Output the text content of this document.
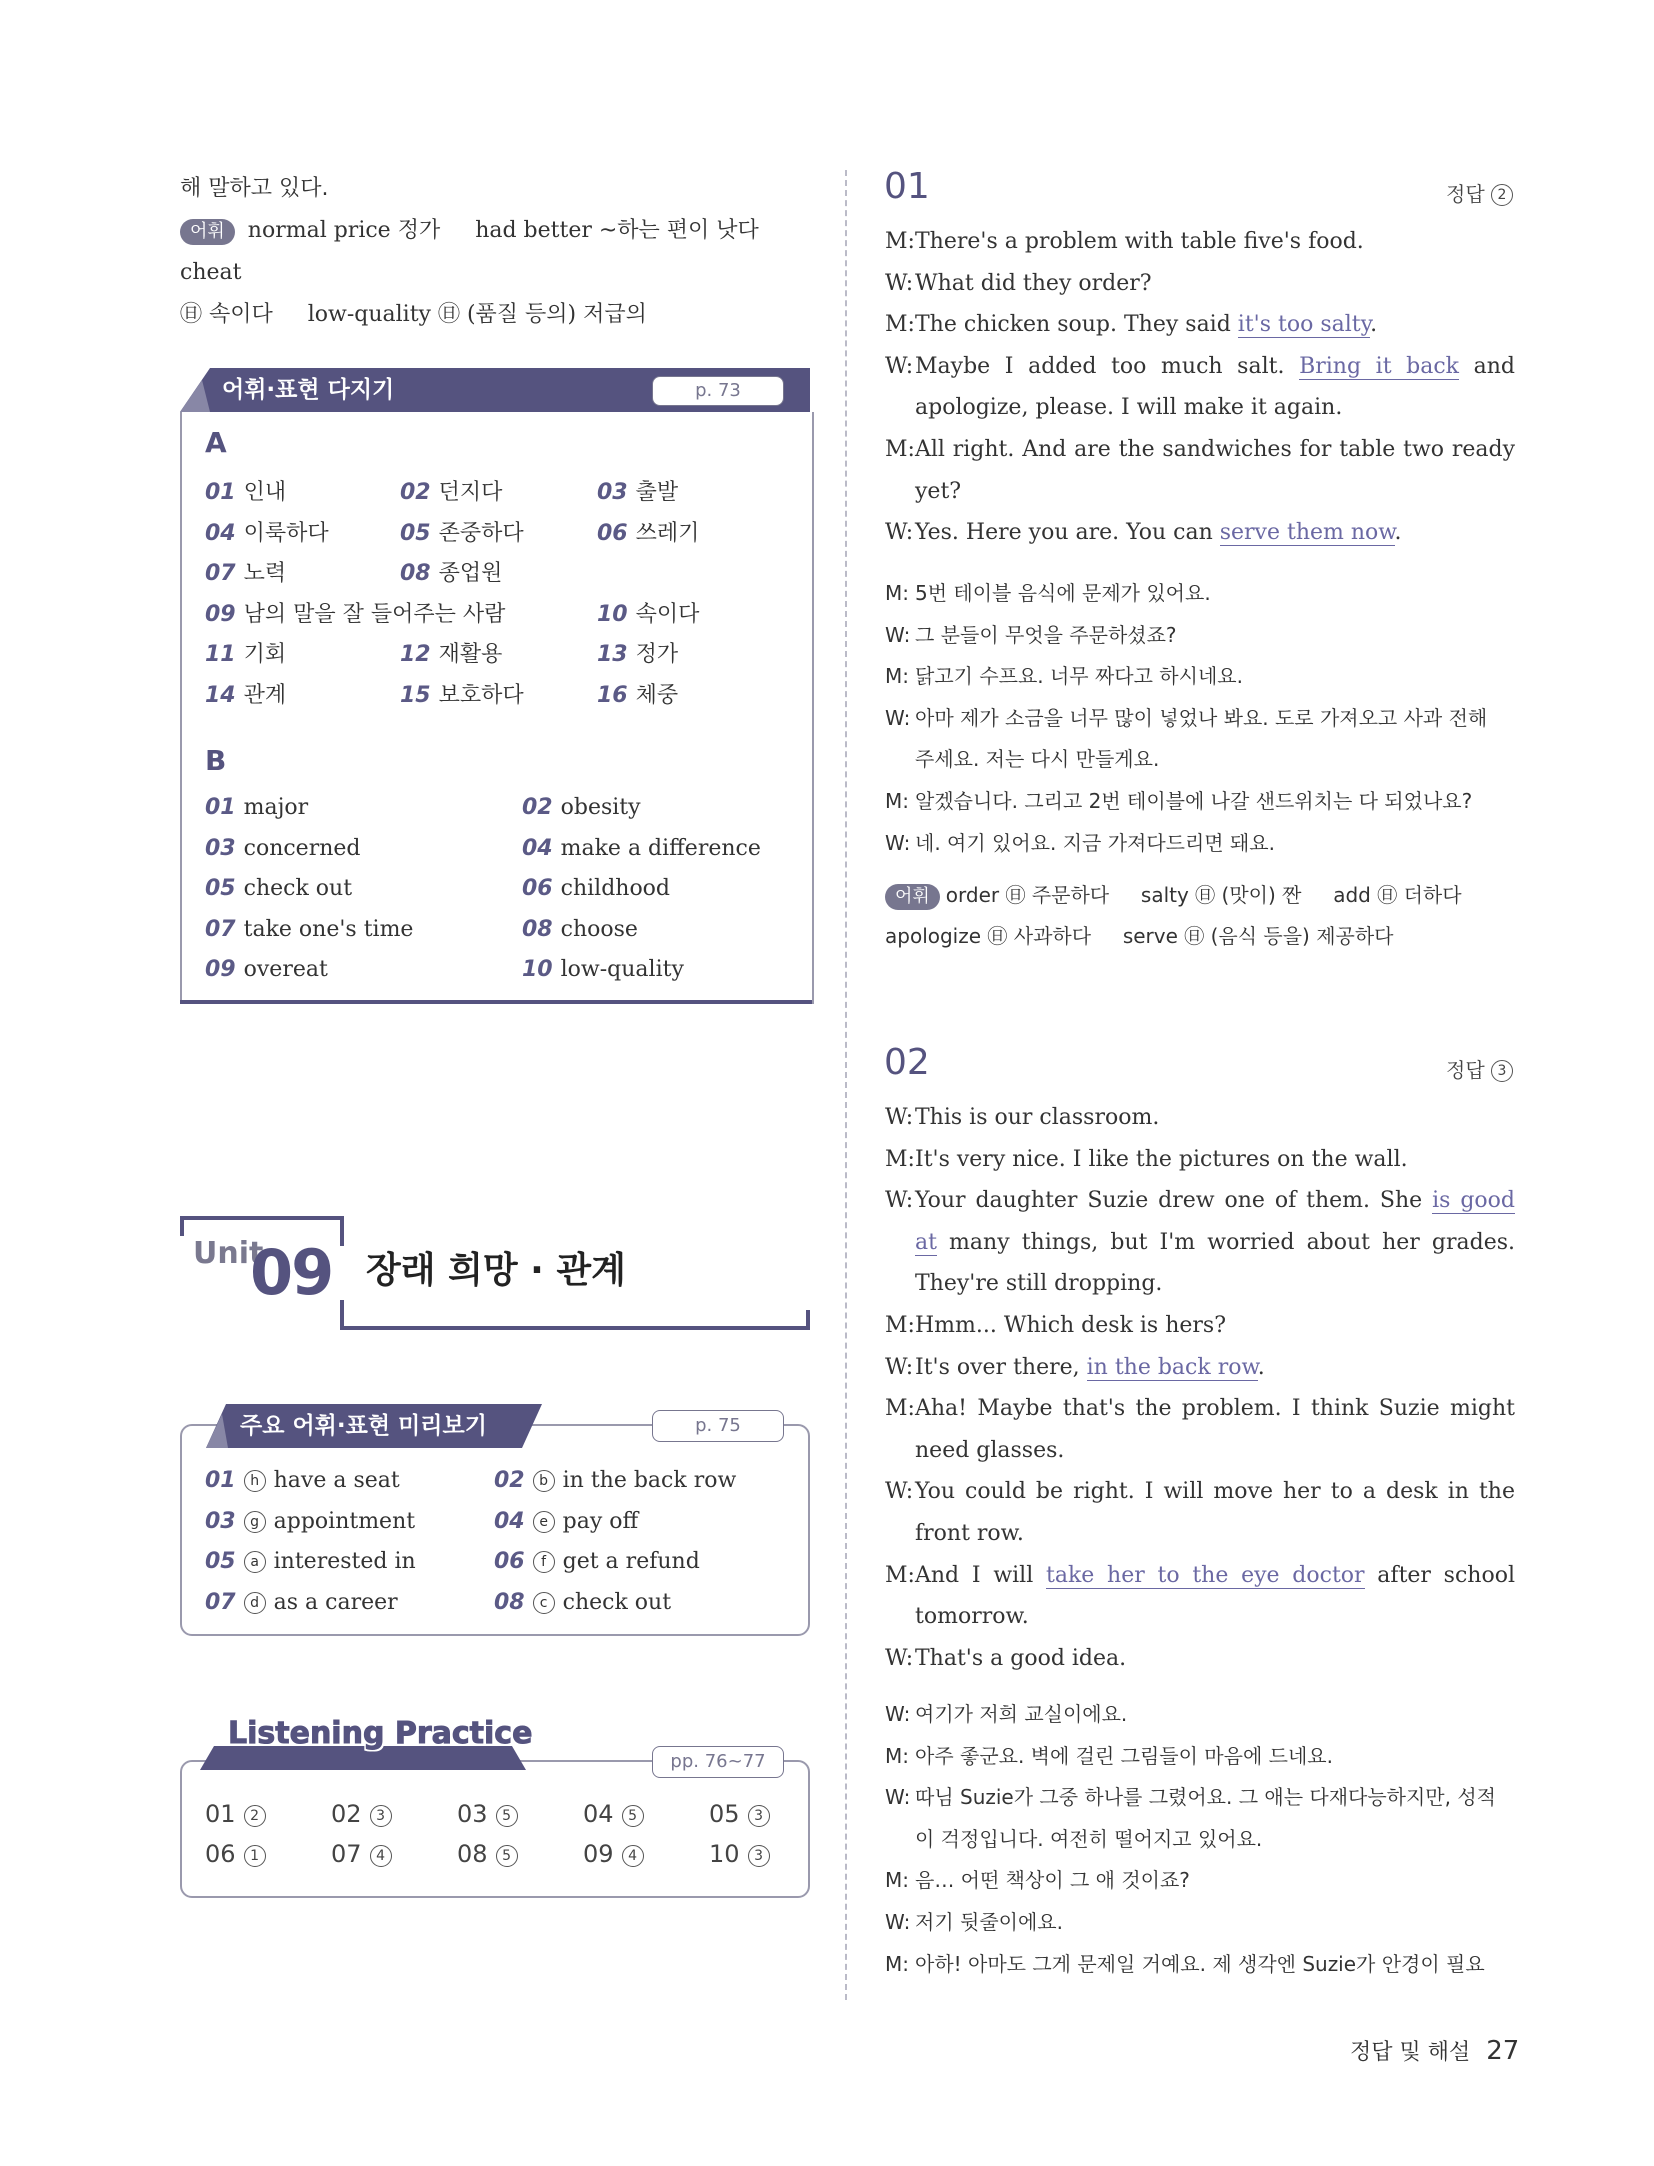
해 말하고 있다.
어휘 normal price 정가 had better ~하는 편이 낫다     cheat
㊐ 속이다 low-quality ㊐ (품질 등의) 저급의
어휘·표현 다지기	p. 73
A
01 인내	02 던지다	03 출발
04 이룩하다	05 존중하다	06 쓰레기
07 노력	08 종업원
09 남의 말을 잘 들어주는 사람	10 속이다
11 기회	12 재활용	13 정가
14 관계	15 보호하다	16 체중
B
01 major	02 obesity
03 concerned	04 make a difference
05 check out	06 childhood
07 take one's time	08 choose
09 overeat	10 low-quality
Unit
09 장래 희망 · 관계
주요 어휘·표현 미리보기	p. 75
01 h have a seat	02 b in the back row
03 g appointment	04 e pay off
05 a interested in	06 f get a refund
07 d as a career	08 c check out
Listening Practice
pp. 76~77
01 2	02 3	03 5	04 5	05 3
06 1	07 4	08 5	09 4	10 3
01	정답 2
M: There's a problem with table five's food.
W: What did they order?
M: The chicken soup. They said it's too salty.
W: Maybe I added too much salt. Bring it back and
apologize, please. I will make it again.
M: All right. And are the sandwiches for table two ready
yet?
W: Yes. Here you are. You can serve them now.
M: 5번 테이블 음식에 문제가 있어요.
W: 그 분들이 무엇을 주문하셨죠?
M: 닭고기 수프요. 너무 짜다고 하시네요.
W: 아마 제가 소금을 너무 많이 넣었나 봐요. 도로 가져오고 사과 전해
주세요. 저는 다시 만들게요.
M: 알겠습니다. 그리고 2번 테이블에 나갈 샌드위치는 다 되었나요?
W: 네. 여기 있어요. 지금 가져다드리면 돼요.
어휘 order ㊐ 주문하다     salty ㊐ (맛이) 짠     add ㊐ 더하다
apologize ㊐ 사과하다     serve ㊐ (음식 등을) 제공하다
02	정답 3
W: This is our classroom.
M: It's very nice. I like the pictures on the wall.
W: Your daughter Suzie drew one of them. She is good
at many things, but I'm worried about her grades.
They're still dropping.
M: Hmm... Which desk is hers?
W: It's over there, in the back row.
M: Aha! Maybe that's the problem. I think Suzie might
need glasses.
W: You could be right. I will move her to a desk in the
front row.
M: And I will take her to the eye doctor after school
tomorrow.
W: That's a good idea.
W: 여기가 저희 교실이에요.
M: 아주 좋군요. 벽에 걸린 그림들이 마음에 드네요.
W: 따님 Suzie가 그중 하나를 그렸어요. 그 애는 다재다능하지만, 성적
이 걱정입니다. 여전히 떨어지고 있어요.
M: 음… 어떤 책상이 그 애 것이죠?
W: 저기 뒷줄이에요.
M: 아하! 아마도 그게 문제일 거예요. 제 생각엔 Suzie가 안경이 필요
정답 및 해설 27
